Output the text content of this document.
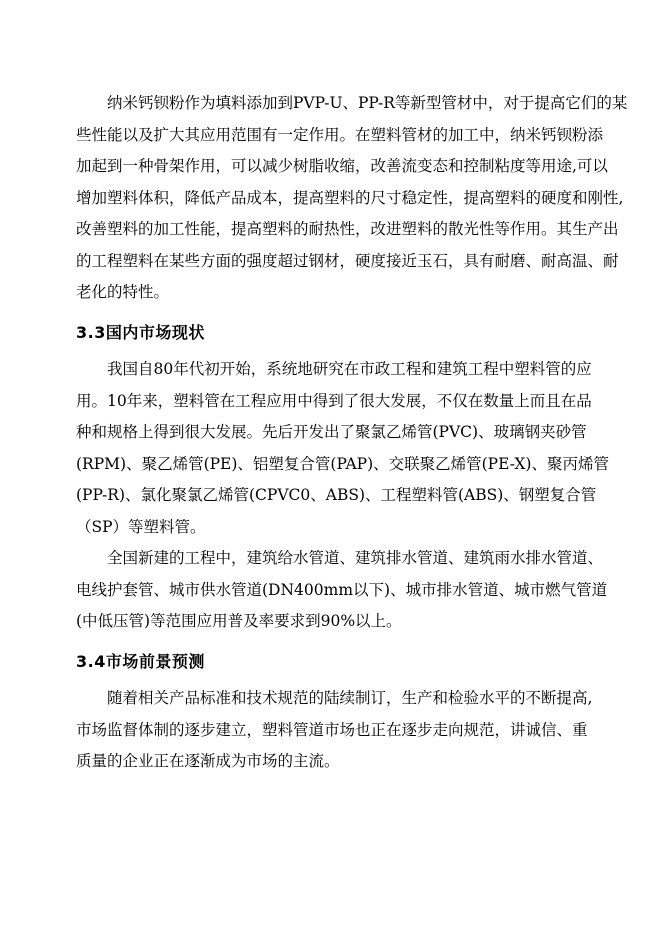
纳米钙钡粉作为填料添加到PVP-U、PP-R等新型管材中，对于提高它们的某
些性能以及扩大其应用范围有一定作用。在塑料管材的加工中，纳米钙钡粉添
加起到一种骨架作用，可以减少树脂收缩，改善流变态和控制粘度等用途,可以
增加塑料体积，降低产品成本，提高塑料的尺寸稳定性，提高塑料的硬度和刚性,
改善塑料的加工性能，提高塑料的耐热性，改进塑料的散光性等作用。其生产出
的工程塑料在某些方面的强度超过钢材，硬度接近玉石，具有耐磨、耐高温、耐
老化的特性。
3.3国内市场现状
我国自80年代初开始，系统地研究在市政工程和建筑工程中塑料管的应
用。10年来，塑料管在工程应用中得到了很大发展，不仅在数量上而且在品
种和规格上得到很大发展。先后开发出了聚氯乙烯管(PVC)、玻璃钢夹砂管
(RPM)、聚乙烯管(PE)、铝塑复合管(PAP)、交联聚乙烯管(PE-X)、聚丙烯管
(PP-R)、氯化聚氯乙烯管(CPVC0、ABS)、工程塑料管(ABS)、钢塑复合管
（SP）等塑料管。
全国新建的工程中，建筑给水管道、建筑排水管道、建筑雨水排水管道、
电线护套管、城市供水管道(DN400mm以下)、城市排水管道、城市燃气管道
(中低压管)等范围应用普及率要求到90%以上。
3.4市场前景预测
随着相关产品标准和技术规范的陆续制订，生产和检验水平的不断提高,
市场监督体制的逐步建立，塑料管道市场也正在逐步走向规范，讲诚信、重
质量的企业正在逐渐成为市场的主流。
